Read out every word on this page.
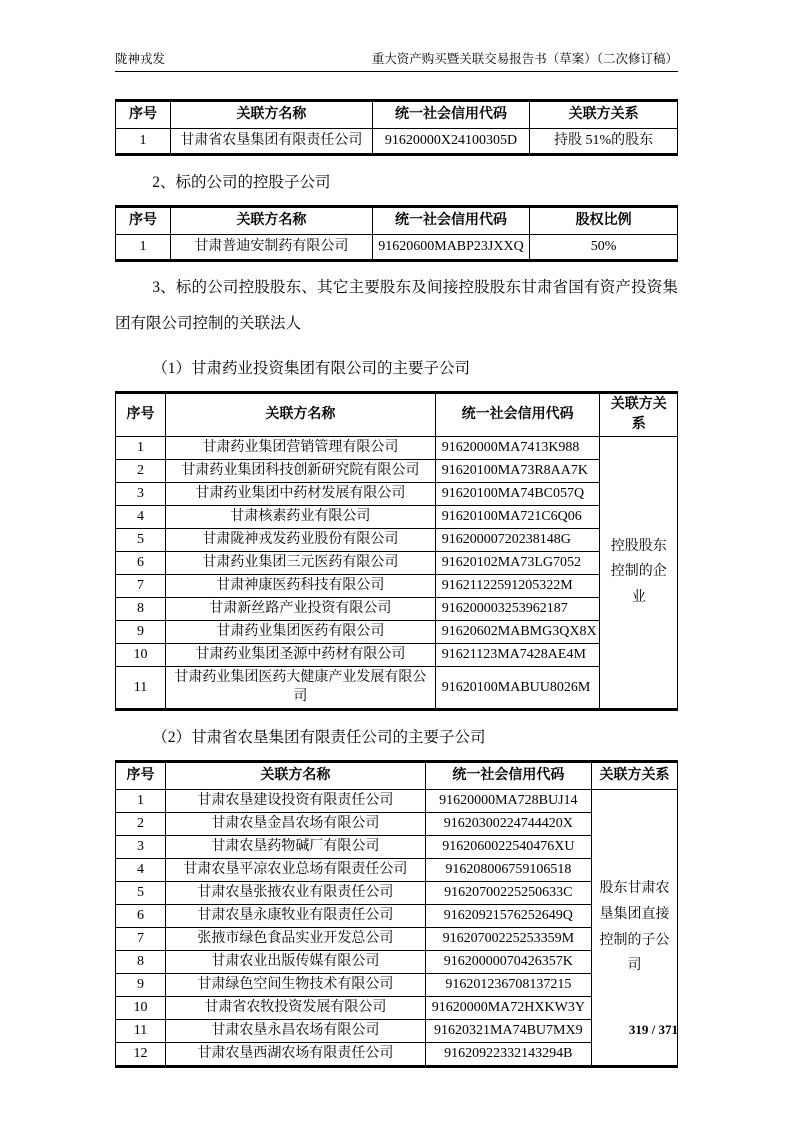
陇神戎发	重大资产购买暨关联交易报告书（草案）（二次修订稿）
序号	关联方名称	统一社会信用代码	关联方关系
1	甘肃省农垦集团有限责任公司	91620000X24100305D	持股 51%的股东
2、标的公司的控股子公司
序号	关联方名称	统一社会信用代码	股权比例
1	甘肃普迪安制药有限公司	91620600MABP23JXXQ	50%
3、标的公司控股股东、其它主要股东及间接控股股东甘肃省国有资产投资集团有限公司控制的关联法人
（1）甘肃药业投资集团有限公司的主要子公司
序号	关联方名称	统一社会信用代码	关联方关系
1	甘肃药业集团营销管理有限公司	91620000MA7413K988	控股股东控制的企业
2	甘肃药业集团科技创新研究院有限公司	91620100MA73R8AA7K	
3	甘肃药业集团中药材发展有限公司	91620100MA74BC057Q	
4	甘肃核素药业有限公司	91620100MA721C6Q06	
5	甘肃陇神戎发药业股份有限公司	91620000720238148G	
6	甘肃药业集团三元医药有限公司	91620102MA73LG7052	
7	甘肃神康医药科技有限公司	91621122591205322M	
8	甘肃新丝路产业投资有限公司	916200003253962187	
9	甘肃药业集团医药有限公司	91620602MABMG3QX8X	
10	甘肃药业集团圣源中药材有限公司	91621123MA7428AE4M	
11	甘肃药业集团医药大健康产业发展有限公司	91620100MABUU8026M	
（2）甘肃省农垦集团有限责任公司的主要子公司
序号	关联方名称	统一社会信用代码	关联方关系
1	甘肃农垦建设投资有限责任公司	91620000MA728BUJ14	股东甘肃农垦集团直接控制的子公司
2	甘肃农垦金昌农场有限公司	91620300224744420X	
3	甘肃农垦药物碱厂有限公司	9162060022540476XU	
4	甘肃农垦平凉农业总场有限责任公司	916208006759106518	
5	甘肃农垦张掖农业有限责任公司	91620700225250633C	
6	甘肃农垦永康牧业有限责任公司	91620921576252649Q	
7	张掖市绿色食品实业开发总公司	91620700225253359M	
8	甘肃农业出版传媒有限公司	91620000070426357K	
9	甘肃绿色空间生物技术有限公司	916201236708137215	
10	甘肃省农牧投资发展有限公司	91620000MA72HXKW3Y	
11	甘肃农垦永昌农场有限公司	91620321MA74BU7MX9	
12	甘肃农垦西湖农场有限责任公司	91620922332143294B	
319 / 371
